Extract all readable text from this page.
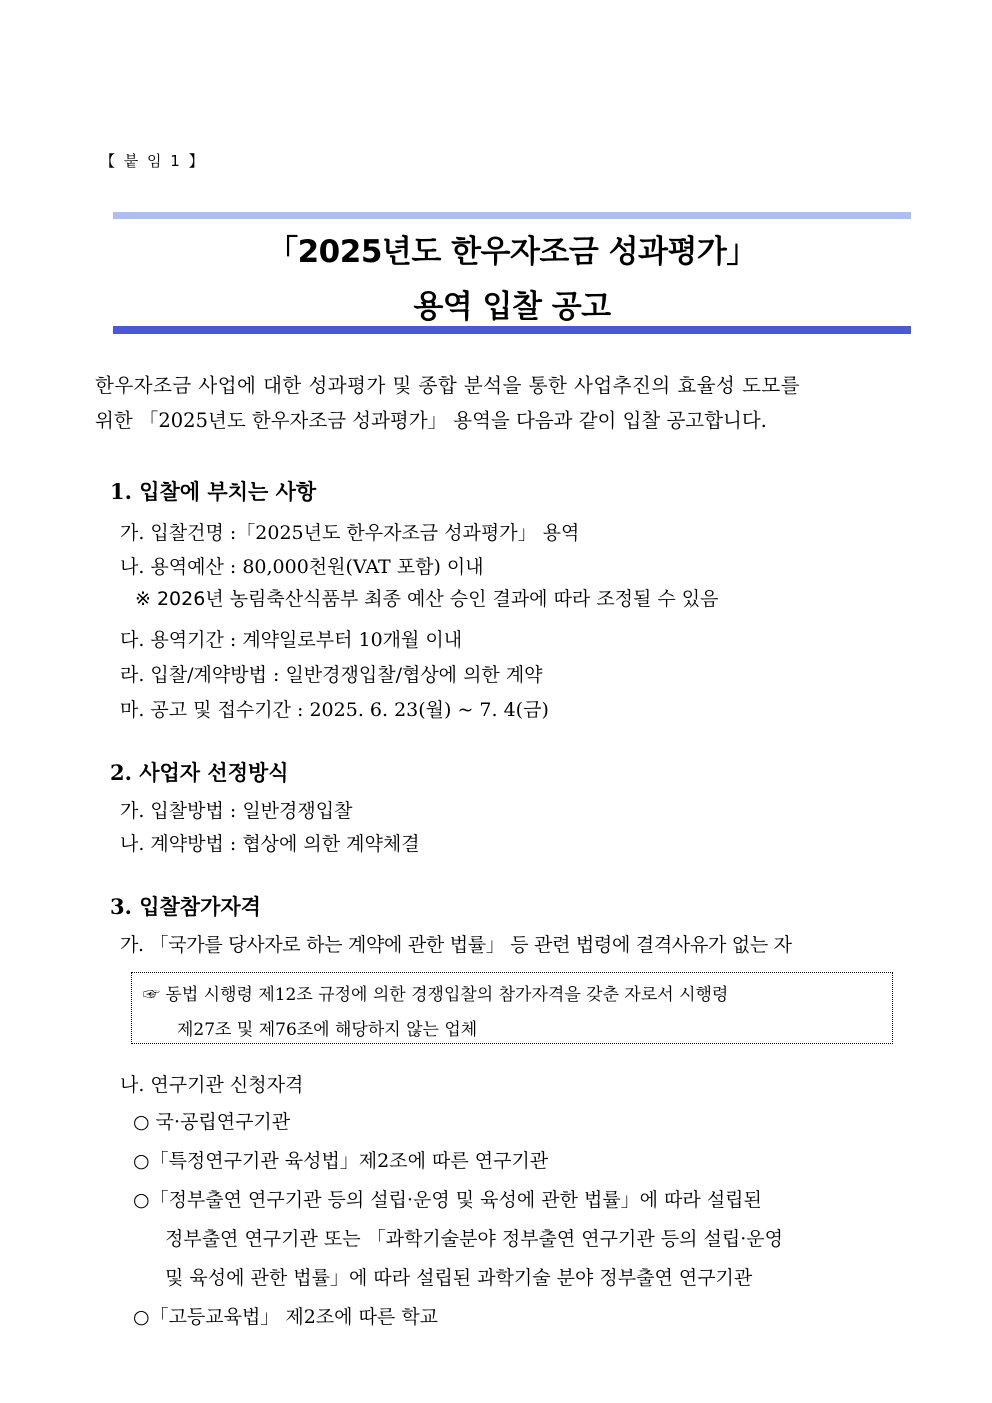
【 붙 임 1 】
「2025년도 한우자조금 성과평가」
용역 입찰 공고
한우자조금 사업에 대한 성과평가 및 종합 분석을 통한 사업추진의 효율성 도모를
위한 「2025년도 한우자조금 성과평가」 용역을 다음과 같이 입찰 공고합니다.
1. 입찰에 부치는 사항
가. 입찰건명 :「2025년도 한우자조금 성과평가」 용역
나. 용역예산 : 80,000천원(VAT 포함) 이내
※ 2026년 농림축산식품부 최종 예산 승인 결과에 따라 조정될 수 있음
다. 용역기간 : 계약일로부터 10개월 이내
라. 입찰/계약방법 : 일반경쟁입찰/협상에 의한 계약
마. 공고 및 접수기간 : 2025. 6. 23(월) ~ 7. 4(금)
2. 사업자 선정방식
가. 입찰방법 : 일반경쟁입찰
나. 계약방법 : 협상에 의한 계약체결
3. 입찰참가자격
가. 「국가를 당사자로 하는 계약에 관한 법률」 등 관련 법령에 결격사유가 없는 자
☞ 동법 시행령 제12조 규정에 의한 경쟁입찰의 참가자격을 갖춘 자로서 시행령
제27조 및 제76조에 해당하지 않는 업체
나. 연구기관 신청자격
○ 국·공립연구기관
○「특정연구기관 육성법」제2조에 따른 연구기관
○「정부출연 연구기관 등의 설립·운영 및 육성에 관한 법률」에 따라 설립된
정부출연 연구기관 또는 「과학기술분야 정부출연 연구기관 등의 설립·운영
및 육성에 관한 법률」에 따라 설립된 과학기술 분야 정부출연 연구기관
○「고등교육법」 제2조에 따른 학교
